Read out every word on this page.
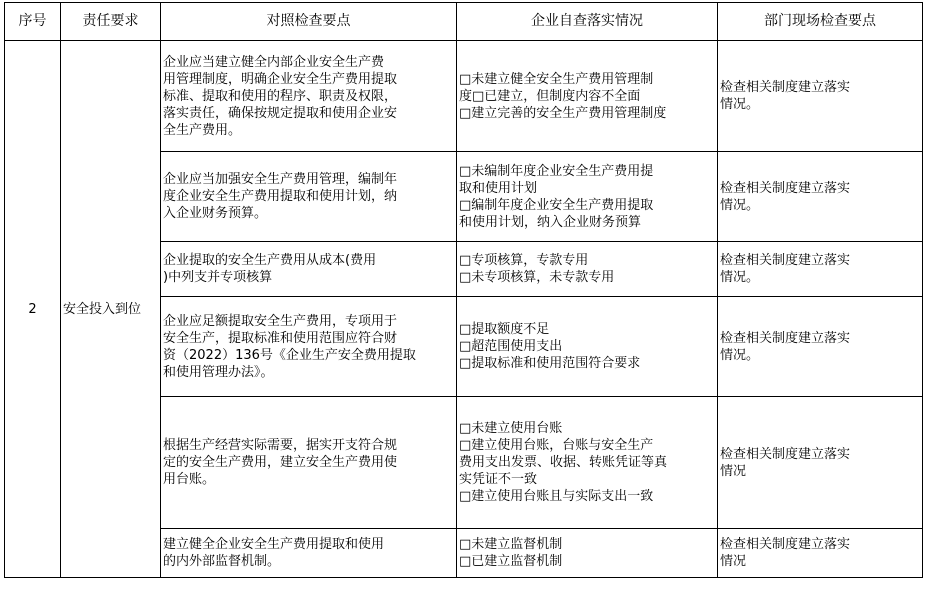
序号	责任要求	对照检查要点	企业自查落实情况	部门现场检查要点
2	安全投入到位	企业应当建立健全内部企业安全生产费
用管理制度，明确企业安全生产费用提取
标准、提取和使用的程序、职责及权限，
落实责任，确保按规定提取和使用企业安
全生产费用。	□未建立健全安全生产费用管理制
度□已建立，但制度内容不全面
□建立完善的安全生产费用管理制度	检查相关制度建立落实
情况。

		企业应当加强安全生产费用管理，编制年
度企业安全生产费用提取和使用计划，纳
入企业财务预算。	□未编制年度企业安全生产费用提
取和使用计划
□编制年度企业安全生产费用提取
和使用计划，纳入企业财务预算	检查相关制度建立落实
情况。

		企业提取的安全生产费用从成本(费用
)中列支并专项核算	□专项核算，专款专用
□未专项核算，未专款专用	检查相关制度建立落实
情况。

		企业应足额提取安全生产费用，专项用于
安全生产，提取标准和使用范围应符合财
资（2022）136号《企业生产安全费用提取
和使用管理办法》。	□提取额度不足
□超范围使用支出
□提取标准和使用范围符合要求	检查相关制度建立落实
情况。

		根据生产经营实际需要，据实开支符合规
定的安全生产费用，建立安全生产费用使
用台账。	□未建立使用台账
□建立使用台账，台账与安全生产
费用支出发票、收据、转账凭证等真
实凭证不一致
□建立使用台账且与实际支出一致	检查相关制度建立落实
情况

		建立健全企业安全生产费用提取和使用
的内外部监督机制。	□未建立监督机制
□已建立监督机制	检查相关制度建立落实
情况
